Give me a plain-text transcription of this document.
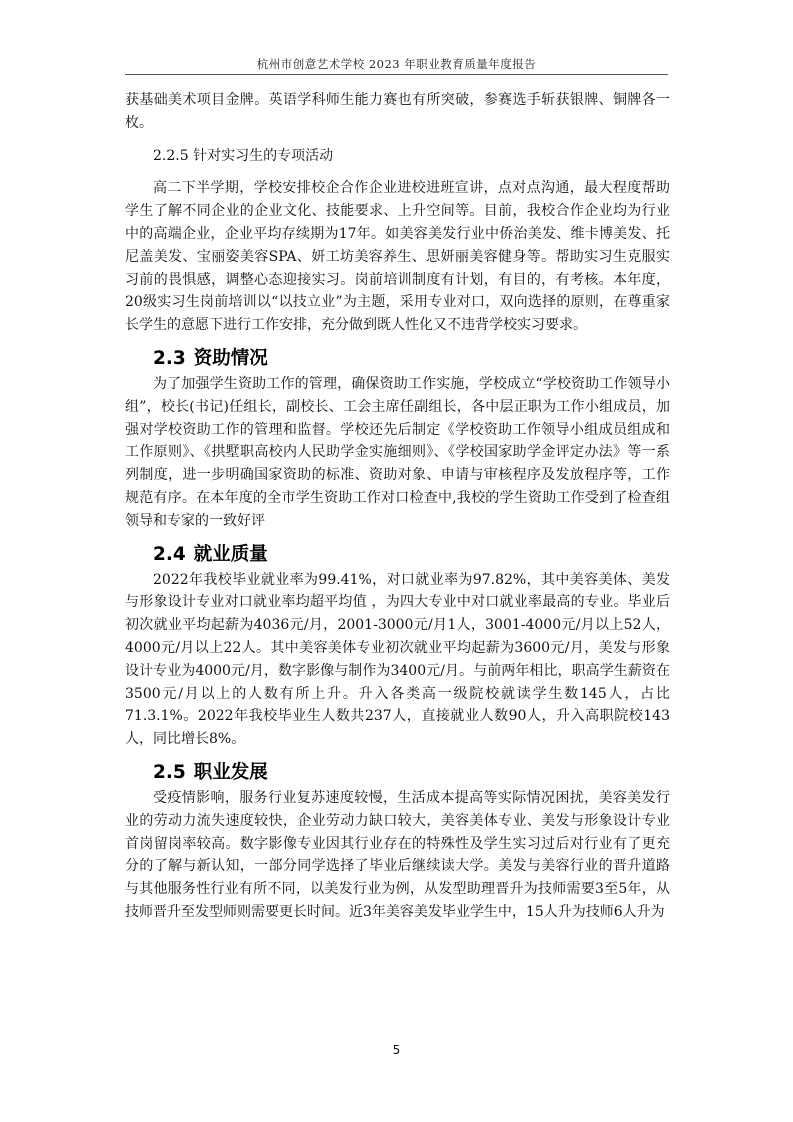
杭州市创意艺术学校 2023 年职业教育质量年度报告

获基础美术项目金牌。英语学科师生能力赛也有所突破，参赛选手斩获银牌、铜牌各一枚。

2.2.5 针对实习生的专项活动

高二下半学期，学校安排校企合作企业进校进班宣讲，点对点沟通，最大程度帮助学生了解不同企业的企业文化、技能要求、上升空间等。目前，我校合作企业均为行业中的高端企业，企业平均存续期为17年。如美容美发行业中侨治美发、维卡博美发、托尼盖美发、宝丽姿美容SPA、妍工坊美容养生、思妍丽美容健身等。帮助实习生克服实习前的畏惧感，调整心态迎接实习。岗前培训制度有计划，有目的，有考核。本年度，20级实习生岗前培训以“以技立业”为主题，采用专业对口，双向选择的原则，在尊重家长学生的意愿下进行工作安排，充分做到既人性化又不违背学校实习要求。

2.3 资助情况

为了加强学生资助工作的管理，确保资助工作实施，学校成立“学校资助工作领导小组”，校长(书记)任组长，副校长、工会主席任副组长，各中层正职为工作小组成员，加强对学校资助工作的管理和监督。学校还先后制定《学校资助工作领导小组成员组成和工作原则》、《拱墅职高校内人民助学金实施细则》、《学校国家助学金评定办法》等一系列制度，进一步明确国家资助的标准、资助对象、申请与审核程序及发放程序等，工作规范有序。在本年度的全市学生资助工作对口检查中,我校的学生资助工作受到了检查组领导和专家的一致好评

2.4 就业质量

2022年我校毕业就业率为99.41%，对口就业率为97.82%，其中美容美体、美发与形象设计专业对口就业率均超平均值 ，为四大专业中对口就业率最高的专业。毕业后初次就业平均起薪为4036元/月，2001-3000元/月1人，3001-4000元/月以上52人，4000元/月以上22人。其中美容美体专业初次就业平均起薪为3600元/月，美发与形象设计专业为4000元/月，数字影像与制作为3400元/月。与前两年相比，职高学生薪资在3500元/月以上的人数有所上升。升入各类高一级院校就读学生数145人，占比71.3.1%。2022年我校毕业生人数共237人，直接就业人数90人，升入高职院校143人，同比增长8%。

2.5 职业发展

受疫情影响，服务行业复苏速度较慢，生活成本提高等实际情况困扰，美容美发行业的劳动力流失速度较快，企业劳动力缺口较大，美容美体专业、美发与形象设计专业首岗留岗率较高。数字影像专业因其行业存在的特殊性及学生实习过后对行业有了更充分的了解与新认知，一部分同学选择了毕业后继续读大学。美发与美容行业的晋升道路与其他服务性行业有所不同，以美发行业为例，从发型助理晋升为技师需要3至5年，从技师晋升至发型师则需要更长时间。近3年美容美发毕业学生中，15人升为技师6人升为

5
